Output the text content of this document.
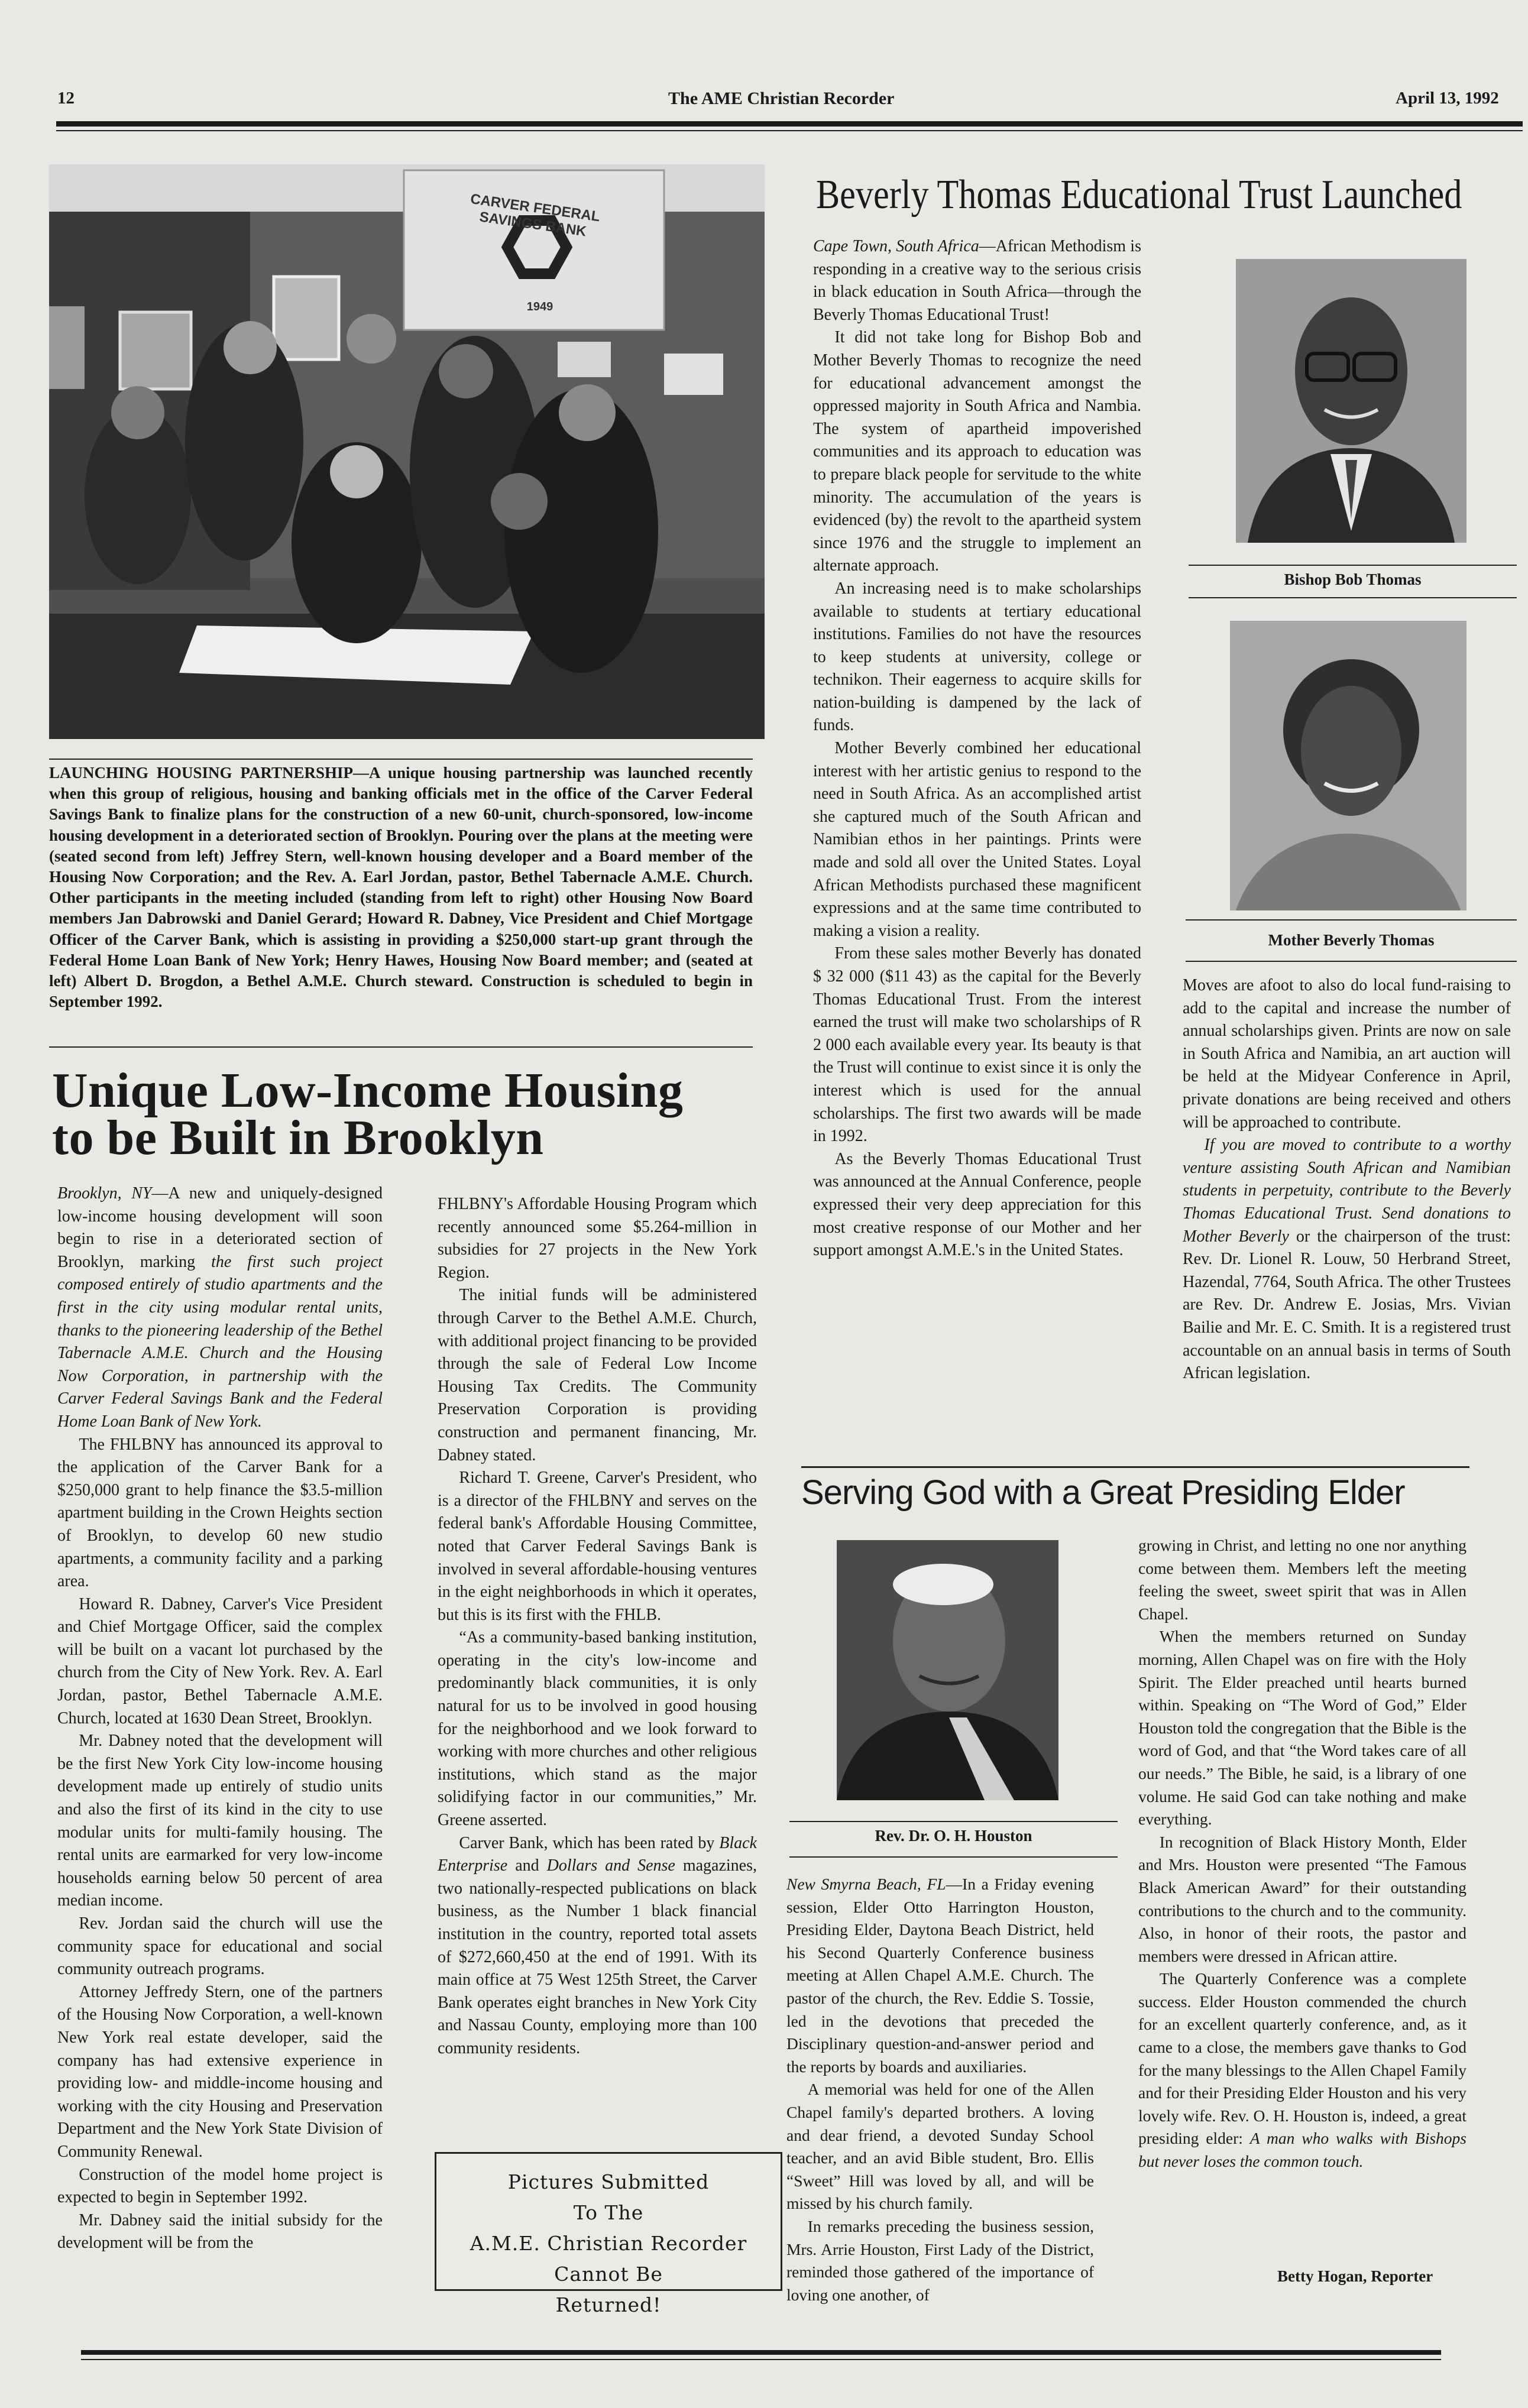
12	The AME Christian Recorder	April 13, 1992
CARVER FEDERAL SAVINGS BANK
1949
LAUNCHING HOUSING PARTNERSHIP—A unique housing partnership was launched recently when this group of religious, housing and banking officials met in the office of the Carver Federal Savings Bank to finalize plans for the construction of a new 60-unit, church-sponsored, low-income housing development in a deteriorated section of Brooklyn. Pouring over the plans at the meeting were (seated second from left) Jeffrey Stern, well-known housing developer and a Board member of the Housing Now Corporation; and the Rev. A. Earl Jordan, pastor, Bethel Tabernacle A.M.E. Church. Other participants in the meeting included (standing from left to right) other Housing Now Board members Jan Dabrowski and Daniel Gerard; Howard R. Dabney, Vice President and Chief Mortgage Officer of the Carver Bank, which is assisting in providing a $250,000 start-up grant through the Federal Home Loan Bank of New York; Henry Hawes, Housing Now Board member; and (seated at left) Albert D. Brogdon, a Bethel A.M.E. Church steward. Construction is scheduled to begin in September 1992.
Unique Low-Income Housing
to be Built in Brooklyn

Brooklyn, NY—A new and uniquely-designed low-income housing development will soon begin to rise in a deteriorated section of Brooklyn, marking the first such project composed entirely of studio apartments and the first in the city using modular rental units, thanks to the pioneering leadership of the Bethel Tabernacle A.M.E. Church and the Housing Now Corporation, in partnership with the Carver Federal Savings Bank and the Federal Home Loan Bank of New York.

The FHLBNY has announced its approval to the application of the Carver Bank for a $250,000 grant to help finance the $3.5-million apartment building in the Crown Heights section of Brooklyn, to develop 60 new studio apartments, a community facility and a parking area.

Howard R. Dabney, Carver's Vice President and Chief Mortgage Officer, said the complex will be built on a vacant lot purchased by the church from the City of New York. Rev. A. Earl Jordan, pastor, Bethel Tabernacle A.M.E. Church, located at 1630 Dean Street, Brooklyn.

Mr. Dabney noted that the development will be the first New York City low-income housing development made up entirely of studio units and also the first of its kind in the city to use modular units for multi-family housing. The rental units are earmarked for very low-income households earning below 50 percent of area median income.

Rev. Jordan said the church will use the community space for educational and social community outreach programs.

Attorney Jeffredy Stern, one of the partners of the Housing Now Corporation, a well-known New York real estate developer, said the company has had extensive experience in providing low- and middle-income housing and working with the city Housing and Preservation Department and the New York State Division of Community Renewal.

Construction of the model home project is expected to begin in September 1992.

Mr. Dabney said the initial subsidy for the development will be from the

FHLBNY's Affordable Housing Program which recently announced some $5.264-million in subsidies for 27 projects in the New York Region.

The initial funds will be administered through Carver to the Bethel A.M.E. Church, with additional project financing to be provided through the sale of Federal Low Income Housing Tax Credits. The Community Preservation Corporation is providing construction and permanent financing, Mr. Dabney stated.

Richard T. Greene, Carver's President, who is a director of the FHLBNY and serves on the federal bank's Affordable Housing Committee, noted that Carver Federal Savings Bank is involved in several affordable-housing ventures in the eight neighborhoods in which it operates, but this is its first with the FHLB.

“As a community-based banking institution, operating in the city's low-income and predominantly black communities, it is only natural for us to be involved in good housing for the neighborhood and we look forward to working with more churches and other religious institutions, which stand as the major solidifying factor in our communities,” Mr. Greene asserted.

Carver Bank, which has been rated by Black Enterprise and Dollars and Sense magazines, two nationally-respected publications on black business, as the Number 1 black financial institution in the country, reported total assets of $272,660,450 at the end of 1991. With its main office at 75 West 125th Street, the Carver Bank operates eight branches in New York City and Nassau County, employing more than 100 community residents.

Pictures Submitted
To The
A.M.E. Christian Recorder
Cannot Be
Returned!
Beverly Thomas Educational Trust Launched

Cape Town, South Africa—African Methodism is responding in a creative way to the serious crisis in black education in South Africa—through the Beverly Thomas Educational Trust!

It did not take long for Bishop Bob and Mother Beverly Thomas to recognize the need for educational advancement amongst the oppressed majority in South Africa and Nambia. The system of apartheid impoverished communities and its approach to education was to prepare black people for servitude to the white minority. The accumulation of the years is evidenced (by) the revolt to the apartheid system since 1976 and the struggle to implement an alternate approach.

An increasing need is to make scholarships available to students at tertiary educational institutions. Families do not have the resources to keep students at university, college or technikon. Their eagerness to acquire skills for nation-building is dampened by the lack of funds.

Mother Beverly combined her educational interest with her artistic genius to respond to the need in South Africa. As an accomplished artist she captured much of the South African and Namibian ethos in her paintings. Prints were made and sold all over the United States. Loyal African Methodists purchased these magnificent expressions and at the same time contributed to making a vision a reality.

From these sales mother Beverly has donated $ 32 000 ($11 43) as the capital for the Beverly Thomas Educational Trust. From the interest earned the trust will make two scholarships of R 2 000 each available every year. Its beauty is that the Trust will continue to exist since it is only the interest which is used for the annual scholarships. The first two awards will be made in 1992.

As the Beverly Thomas Educational Trust was announced at the Annual Conference, people expressed their very deep appreciation for this most creative response of our Mother and her support amongst A.M.E.'s in the United States.

Bishop Bob Thomas
Mother Beverly Thomas

Moves are afoot to also do local fund-raising to add to the capital and increase the number of annual scholarships given. Prints are now on sale in South Africa and Namibia, an art auction will be held at the Midyear Conference in April, private donations are being received and others will be approached to contribute.

If you are moved to contribute to a worthy venture assisting South African and Namibian students in perpetuity, contribute to the Beverly Thomas Educational Trust. Send donations to Mother Beverly or the chairperson of the trust: Rev. Dr. Lionel R. Louw, 50 Herbrand Street, Hazendal, 7764, South Africa. The other Trustees are Rev. Dr. Andrew E. Josias, Mrs. Vivian Bailie and Mr. E. C. Smith. It is a registered trust accountable on an annual basis in terms of South African legislation.

Serving God with a Great Presiding Elder
Rev. Dr. O. H. Houston

New Smyrna Beach, FL—In a Friday evening session, Elder Otto Harrington Houston, Presiding Elder, Daytona Beach District, held his Second Quarterly Conference business meeting at Allen Chapel A.M.E. Church. The pastor of the church, the Rev. Eddie S. Tossie, led in the devotions that preceded the Disciplinary question-and-answer period and the reports by boards and auxiliaries.

A memorial was held for one of the Allen Chapel family's departed brothers. A loving and dear friend, a devoted Sunday School teacher, and an avid Bible student, Bro. Ellis “Sweet” Hill was loved by all, and will be missed by his church family.

In remarks preceding the business session, Mrs. Arrie Houston, First Lady of the District, reminded those gathered of the importance of loving one another, of

growing in Christ, and letting no one nor anything come between them. Members left the meeting feeling the sweet, sweet spirit that was in Allen Chapel.

When the members returned on Sunday morning, Allen Chapel was on fire with the Holy Spirit. The Elder preached until hearts burned within. Speaking on “The Word of God,” Elder Houston told the congregation that the Bible is the word of God, and that “the Word takes care of all our needs.” The Bible, he said, is a library of one volume. He said God can take nothing and make everything.

In recognition of Black History Month, Elder and Mrs. Houston were presented “The Famous Black American Award” for their outstanding contributions to the church and to the community. Also, in honor of their roots, the pastor and members were dressed in African attire.

The Quarterly Conference was a complete success. Elder Houston commended the church for an excellent quarterly conference, and, as it came to a close, the members gave thanks to God for the many blessings to the Allen Chapel Family and for their Presiding Elder Houston and his very lovely wife. Rev. O. H. Houston is, indeed, a great presiding elder: A man who walks with Bishops but never loses the common touch.

Betty Hogan, Reporter
